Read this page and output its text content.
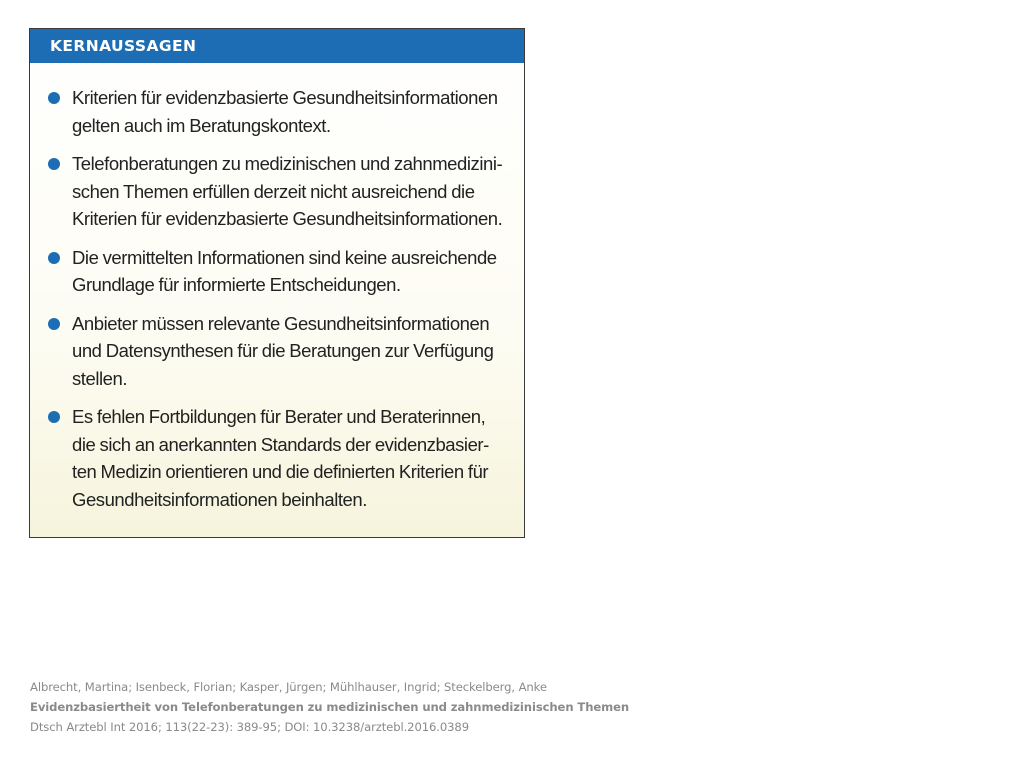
KERNAUSSAGEN
Kriterien für evidenzbasierte Gesundheitsinformationen
gelten auch im Beratungskontext.
Telefonberatungen zu medizinischen und zahnmedizini-
schen Themen erfüllen derzeit nicht ausreichend die
Kriterien für evidenzbasierte Gesundheitsinformationen.
Die vermittelten Informationen sind keine ausreichende
Grundlage für informierte Entscheidungen.
Anbieter müssen relevante Gesundheitsinformationen
und Datensynthesen für die Beratungen zur Verfügung
stellen.
Es fehlen Fortbildungen für Berater und Beraterinnen,
die sich an anerkannten Standards der evidenzbasier-
ten Medizin orientieren und die definierten Kriterien für
Gesundheitsinformationen beinhalten.
Albrecht, Martina; Isenbeck, Florian; Kasper, Jürgen; Mühlhauser, Ingrid; Steckelberg, Anke
Evidenzbasiertheit von Telefonberatungen zu medizinischen und zahnmedizinischen Themen
Dtsch Arztebl Int 2016; 113(22-23): 389-95; DOI: 10.3238/arztebl.2016.0389
